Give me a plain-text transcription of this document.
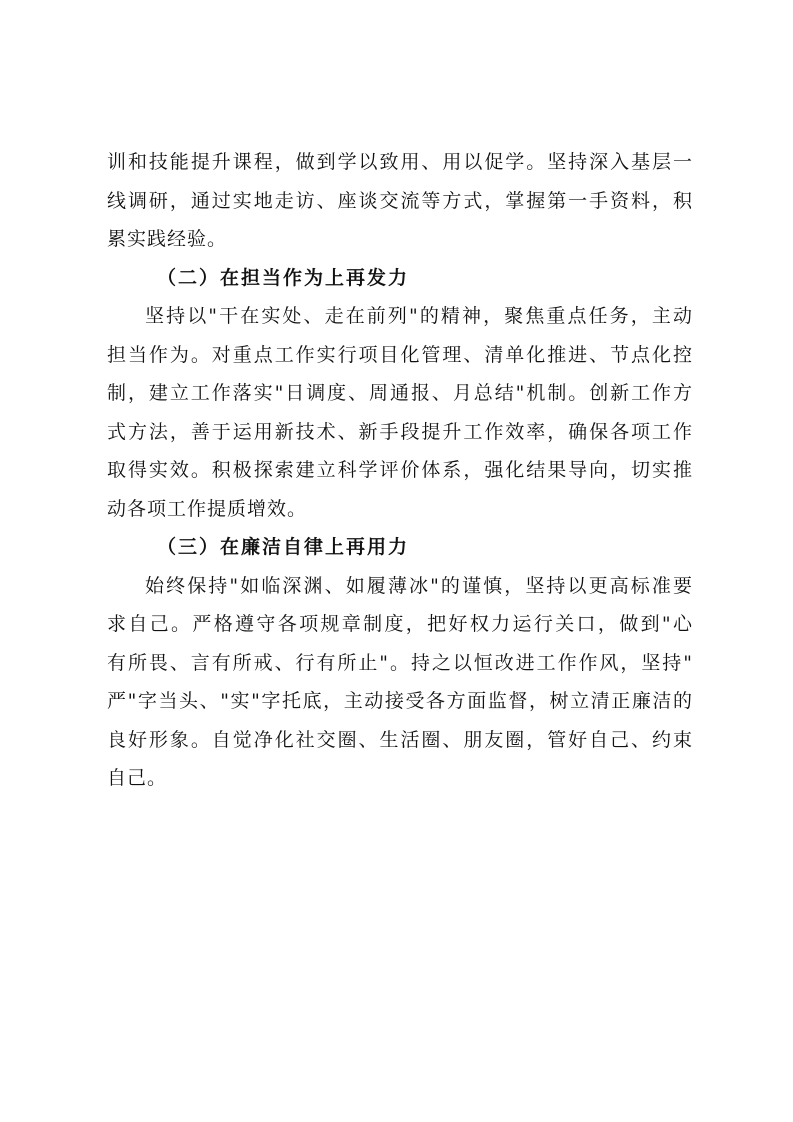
训和技能提升课程，做到学以致用、用以促学。坚持深入基层一
线调研，通过实地走访、座谈交流等方式，掌握第一手资料，积
累实践经验。
（二）在担当作为上再发力
坚持以"干在实处、走在前列"的精神，聚焦重点任务，主动
担当作为。对重点工作实行项目化管理、清单化推进、节点化控
制，建立工作落实"日调度、周通报、月总结"机制。创新工作方
式方法，善于运用新技术、新手段提升工作效率，确保各项工作
取得实效。积极探索建立科学评价体系，强化结果导向，切实推
动各项工作提质增效。
（三）在廉洁自律上再用力
始终保持"如临深渊、如履薄冰"的谨慎，坚持以更高标准要
求自己。严格遵守各项规章制度，把好权力运行关口，做到"心
有所畏、言有所戒、行有所止"。持之以恒改进工作作风，坚持"
严"字当头、"实"字托底，主动接受各方面监督，树立清正廉洁的
良好形象。自觉净化社交圈、生活圈、朋友圈，管好自己、约束
自己。
